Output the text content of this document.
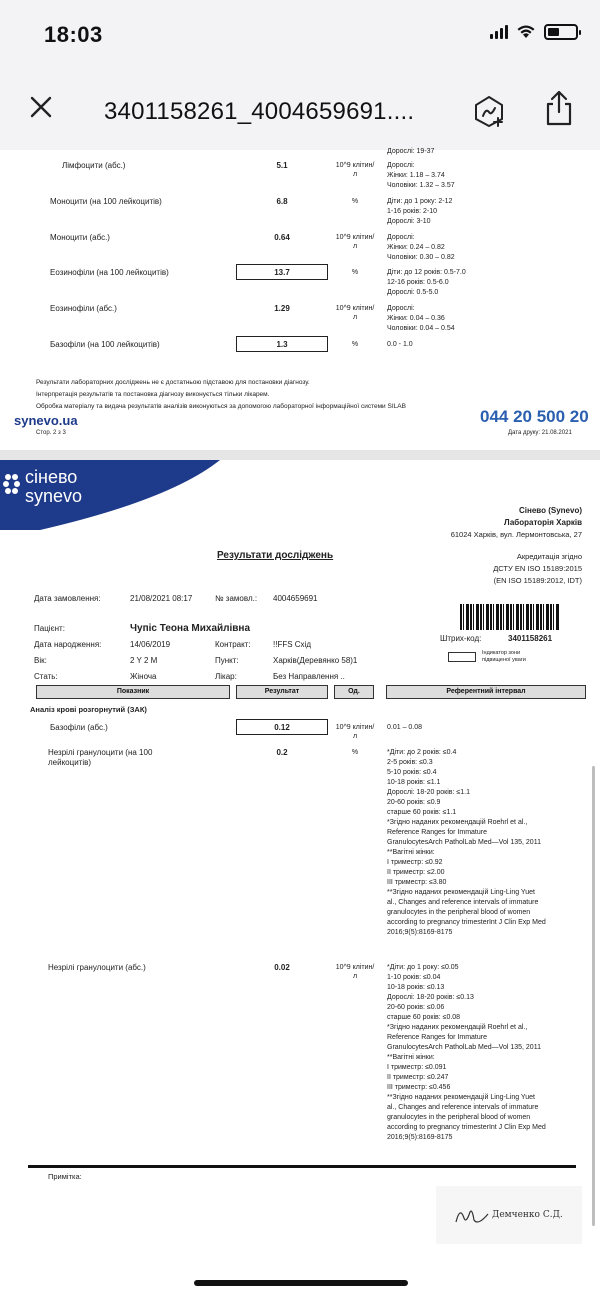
18:03
3401158261_4004659691....
Дорослі: 19-37
Лімфоцити (абс.)	5.1	10^9 клітин/л
Дорослі:
Жінки: 1.18 – 3.74
Чоловіки: 1.32 – 3.57
Моноцити (на 100 лейкоцитів)	6.8	%	Діти: до 1 року: 2-12
1-16 років: 2-10
Дорослі: 3-10
Моноцити (абс.)	0.64	10^9 клітин/л
Дорослі:
Жінки: 0.24 – 0.82
Чоловіки: 0.30 – 0.82
Еозинофіли (на 100 лейкоцитів)	13.7	%	Діти: до 12 років: 0.5-7.0
12-16 років: 0.5-6.0
Дорослі: 0.5-5.0
Еозинофіли (абс.)	1.29	10^9 клітин/л
Дорослі:
Жінки: 0.04 – 0.36
Чоловіки: 0.04 – 0.54
Базофіли (на 100 лейкоцитів)	1.3	%	0.0 - 1.0
Результати лабораторних досліджень не є достатньою підставою для постановки діагнозу.
Інтерпретація результатів та постановка діагнозу виконується тільки лікарем.
Обробка матеріалу та видача результатів аналізів виконуються за допомогою лабораторної інформаційної системи SILAB
synevo.ua
Стор. 2 з 3
044 20 500 20
Дата друку: 21.08.2021
сінево
synevo
Сінево (Synevo)
Лабораторія Харків
61024 Харків, вул. Лермонтовська, 27
Результати досліджень	Акредитація згідно
ДСТУ EN ISO 15189:2015
(EN ISO 15189:2012, IDT)
Дата замовлення:	21/08/2021 08:17	№ замовл.: 4004659691
Пацієнт:	Чупіс Теона Михайлівна
Дата народження:	14/06/2019	Контракт:	!!FFS Схід
Вік:	2 Y 2 M	Пункт:	Харків(Деревянко 58)1
Стать:	Жіноча	Лікар:	Без Направлення ..
Штрих-код:	3401158261
Індикатор зони
підвищеної уваги
Показник	Результат	Од.	Референтний інтервал
Аналіз крові розгорнутий (ЗАК)
Базофіли (абс.)	0.12	10^9 клітин/л
0.01 – 0.08
Незрілі гранулоцити (на 100
лейкоцитів)
0.2	%	*Діти: до 2 років: ≤0.4
2-5 років: ≤0.3
5-10 років: ≤0.4
10-18 років: ≤1.1
Дорослі: 18-20 років: ≤1.1
20-60 років: ≤0.9
старше 60 років: ≤1.1
*Згідно наданих рекомендацій Roehrl et al.,
Reference Ranges for Immature
GranulocytesArch PatholLab Med—Vol 135, 2011
**Вагітні жінки:
I триместр: ≤0.92
II триместр: ≤2.00
III триместр: ≤3.80
**Згідно наданих рекомендацій Ling-Ling Yuet
al., Changes and reference intervals of immature
granulocytes in the peripheral blood of women
according to pregnancy trimesterInt J Clin Exp Med
2016;9(5):8169-8175
Незрілі гранулоцити (абс.)	0.02	10^9 клітин/л
*Діти: до 1 року: ≤0.05
1-10 років: ≤0.04
10-18 років: ≤0.13
Дорослі: 18-20 років: ≤0.13
20-60 років: ≤0.06
старше 60 років: ≤0.08
*Згідно наданих рекомендацій Roehrl et al.,
Reference Ranges for Immature
GranulocytesArch PatholLab Med—Vol 135, 2011
**Вагітні жінки:
I триместр: ≤0.091
II триместр: ≤0.247
III триместр: ≤0.456
**Згідно наданих рекомендацій Ling-Ling Yuet
al., Changes and reference intervals of immature
granulocytes in the peripheral blood of women
according to pregnancy trimesterInt J Clin Exp Med
2016;9(5):8169-8175
Примітка:
Демченко С.Д.
